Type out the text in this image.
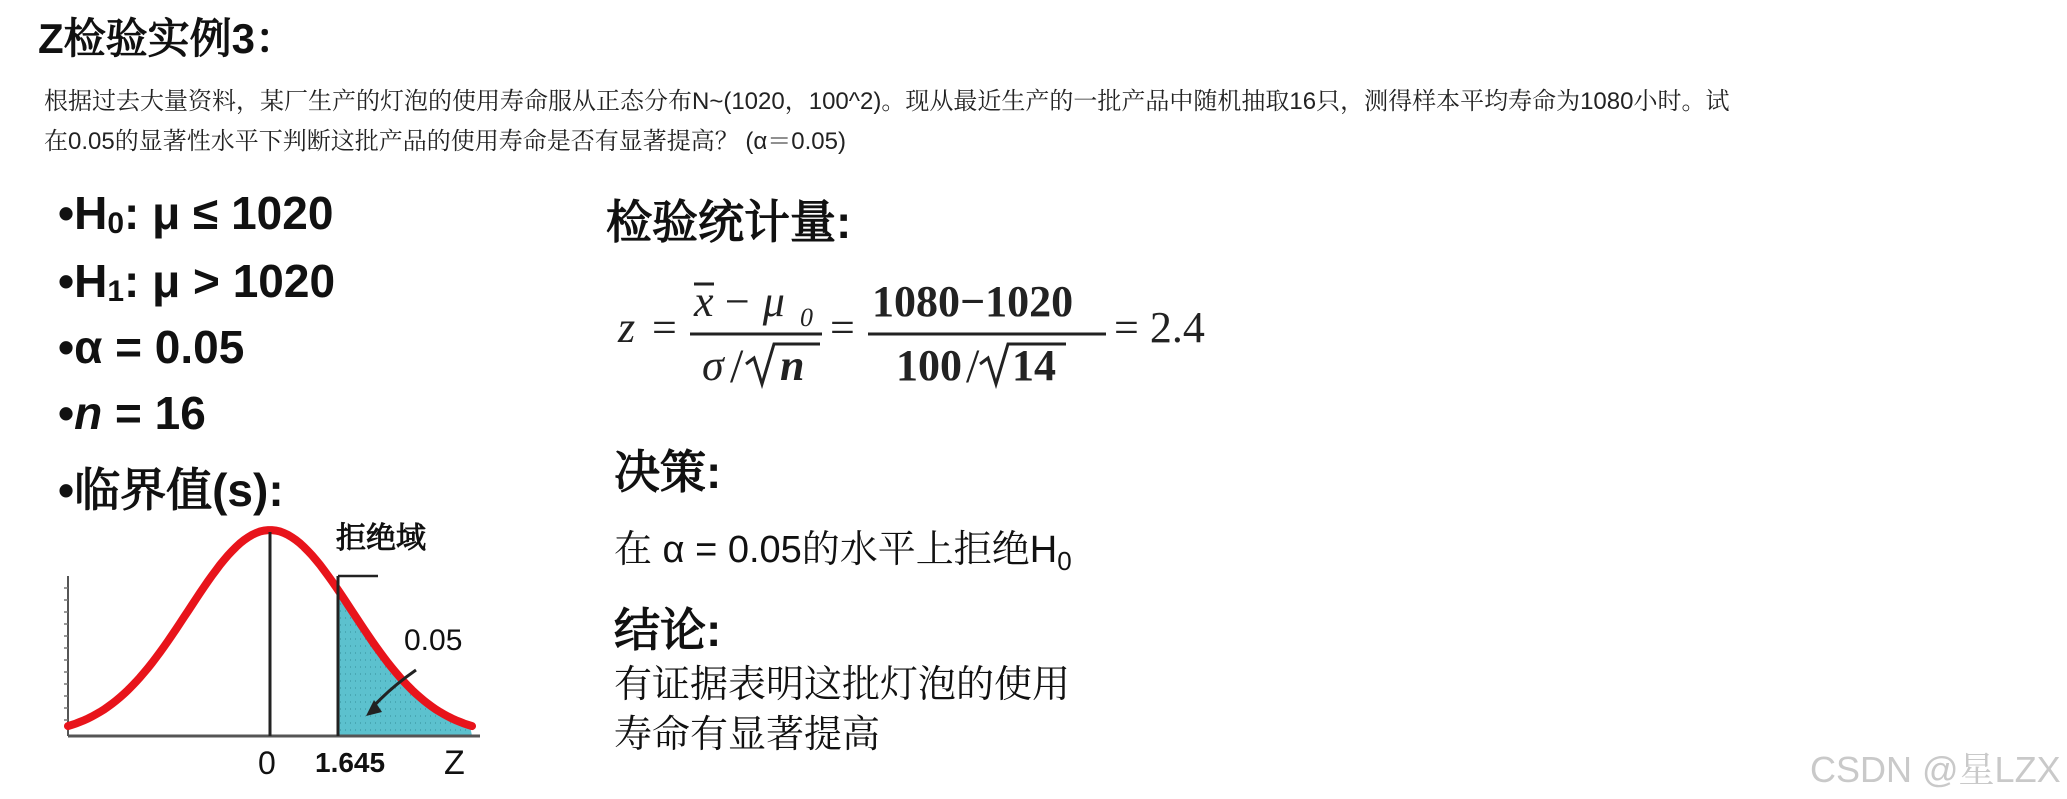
Z检验实例3：
根据过去大量资料，某厂生产的灯泡的使用寿命服从正态分布N~(1020，100^2)。现从最近生产的一批产品中随机抽取16只，测得样本平均寿命为1080小时。试
在0.05的显著性水平下判断这批产品的使用寿命是否有显著提高？ (α＝0.05)
•H0: μ ≤ 1020
•H1: μ > 1020
•α = 0.05
•n = 16
•临界值(s):
拒绝域
0.05
0 1.645 Z
检验统计量:
z =
x − μ 0
σ / n
=
1080−1020
100 / 14
= 2.4
决策:
在 α = 0.05的水平上拒绝$H_0$
结论:
有证据表明这批灯泡的使用
寿命有显著提高
CSDN @星LZX
